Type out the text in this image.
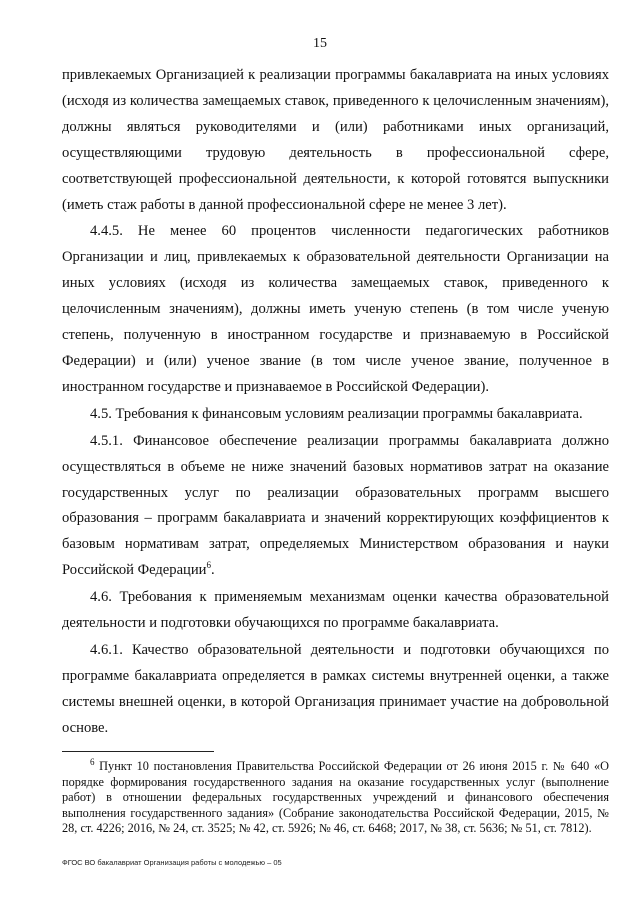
15

привлекаемых Организацией к реализации программы бакалавриата на иных условиях (исходя из количества замещаемых ставок, приведенного к целочисленным значениям), должны являться руководителями и (или) работниками иных организаций, осуществляющими трудовую деятельность в профессиональной сфере, соответствующей профессиональной деятельности, к которой готовятся выпускники (иметь стаж работы в данной профессиональной сфере не менее 3 лет).

4.4.5. Не менее 60 процентов численности педагогических работников Организации и лиц, привлекаемых к образовательной деятельности Организации на иных условиях (исходя из количества замещаемых ставок, приведенного к целочисленным значениям), должны иметь ученую степень (в том числе ученую степень, полученную в иностранном государстве и признаваемую в Российской Федерации) и (или) ученое звание (в том числе ученое звание, полученное в иностранном государстве и признаваемое в Российской Федерации).

4.5. Требования к финансовым условиям реализации программы бакалавриата.

4.5.1. Финансовое обеспечение реализации программы бакалавриата должно осуществляться в объеме не ниже значений базовых нормативов затрат на оказание государственных услуг по реализации образовательных программ высшего образования – программ бакалавриата и значений корректирующих коэффициентов к базовым нормативам затрат, определяемых Министерством образования и науки Российской Федерации$^6$.

4.6. Требования к применяемым механизмам оценки качества образовательной деятельности и подготовки обучающихся по программе бакалавриата.

4.6.1. Качество образовательной деятельности и подготовки обучающихся по программе бакалавриата определяется в рамках системы внутренней оценки, а также системы внешней оценки, в которой Организация принимает участие на добровольной основе.

$^6$ Пункт 10 постановления Правительства Российской Федерации от 26 июня 2015 г. № 640 «О порядке формирования государственного задания на оказание государственных услуг (выполнение работ) в отношении федеральных государственных учреждений и финансового обеспечения выполнения государственного задания» (Собрание законодательства Российской Федерации, 2015, № 28, ст. 4226; 2016, № 24, ст. 3525; № 42, ст. 5926; № 46, ст. 6468; 2017, № 38, ст. 5636; № 51, ст. 7812).

ФГОС ВО бакалавриат Организация работы с молодежью – 05
